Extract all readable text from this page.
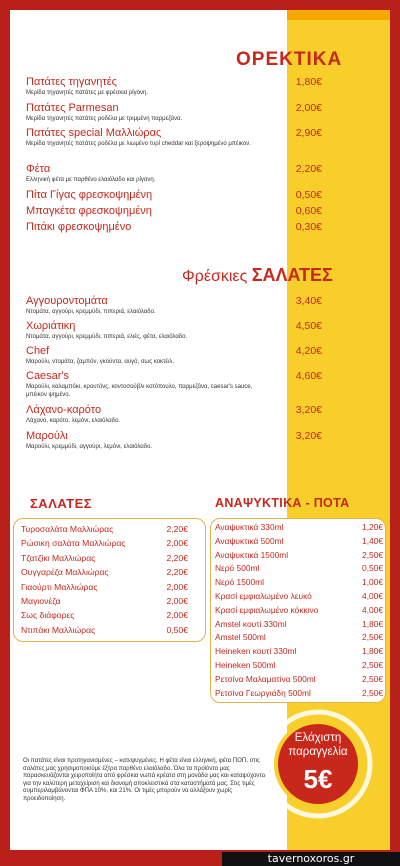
ΟΡΕΚΤΙΚΑ
Πατάτες τηγανητές
Μερίδα τηγανητές πατάτες με φρέσκια ρίγανη.
1,80€
Πατάτες Parmesan
Μερίδα τηγανητές πατάτες ροδέλα με τριμμένη παρμεζάνα.
2,00€
Πατάτες special Μαλλιώρας
Μερίδα τηγανητές πατάτες ροδέλα με λιωμένο τυρί cheddar και ξεροψημένο μπέικον.
2,90€
Φέτα
Ελληνική φέτα με παρθένο ελαιόλαδο και ρίγανη.
2,20€
Πίτα Γίγας φρεσκοψημένη	0,50€
Μπαγκέτα φρεσκοψημένη	0,60€
Πιτάκι φρεσκοψημένο	0,30€
Φρέσκιες ΣΑΛΑΤΕΣ
Αγγουροντομάτα
Ντομάτα, αγγούρι, κρεμμύδι, πιπεριά, ελαιόλαδο.
3,40€
Χωριάτικη
Ντομάτα, αγγούρι, κρεμμύδι, πιπεριά, ελιές, φέτα, ελαιόλαδο.
4,50€
Chef
Μαρούλι, ντομάτα, ζαμπόν, γκούντα, αυγό, σως κοκτέιλ.
4,20€
Caesar's
Μαρούλι, καλαμπόκι, κρουτόνς, κοντοσούβλι κοτόπουλο, παρμεζάνα, caesar's sauce, μπέικον ψημένο.
4,60€
Λάχανο-καρότο
Λάχανο, καρότο, λεμόνι, ελαιόλαδο.
3,20€
Μαρούλι
Μαρούλι, κρεμμύδι, αγγούρι, λεμόνι, ελαιόλαδο.
3,20€
ΣΑΛΑΤΕΣ
Τυροσαλάτα Μαλλιώρας	2,20€
Ρώσικη σαλάτα Μαλλιώρας	2,00€
Τζατζίκι Μαλλιώρας	2,20€
Ουγγαρέζα Μαλλιώρας	2,20€
Γιαούρτι Μαλλιώρας	2,00€
Μαγιονέζα	2,00€
Σως διάφορες	2,00€
Ντιπάκι Μαλλιώρας	0,50€
ΑΝΑΨΥΚΤΙΚΑ - ΠΟΤΑ
Αναψυκτικά 330ml	1,20€
Αναψυκτικά 500ml	1,40€
Αναψυκτικά 1500ml	2,50€
Νερό 500ml	0,50€
Νερό 1500ml	1,00€
Κρασί εμφιαλωμένο λευκό	4,00€
Κρασί εμφιαλωμένο κόκκινο	4,00€
Amstel κουτί 330ml	1,80€
Amstel 500ml	2,50€
Heineken κουτί 330ml	1,80€
Heineken 500ml	2,50€
Ρετσίνα Μαλαματίνα 500ml	2,50€
Ρετσίνα Γεωργιάδη 500ml	2,50€
Οι πατάτες είναι προτηγανισμένες – κατεψυγμένες. Η φέτα είναι ελληνική, φέτα ΠΟΠ, στις σαλάτες μας χρησιμοποιούμε έξτρα παρθένο ελαιόλαδο. Όλα τα προϊόντα μας παρασκευάζονται χειροποίητα από φρέσκια νωπά κρέατα στη μονάδα μας και καταψύχονται για την καλύτερη μεταχείριση και διανομή αποκλειστικά στα καταστήματά μας. Στις τιμές συμπεριλαμβάνονται ΦΠΑ 10%, και 21%. Οι τιμές μπορούν να αλλάξουν χωρίς προειδοποίηση.
Ελάχιστη
παραγγελία
5€
tavernoxoros.gr
